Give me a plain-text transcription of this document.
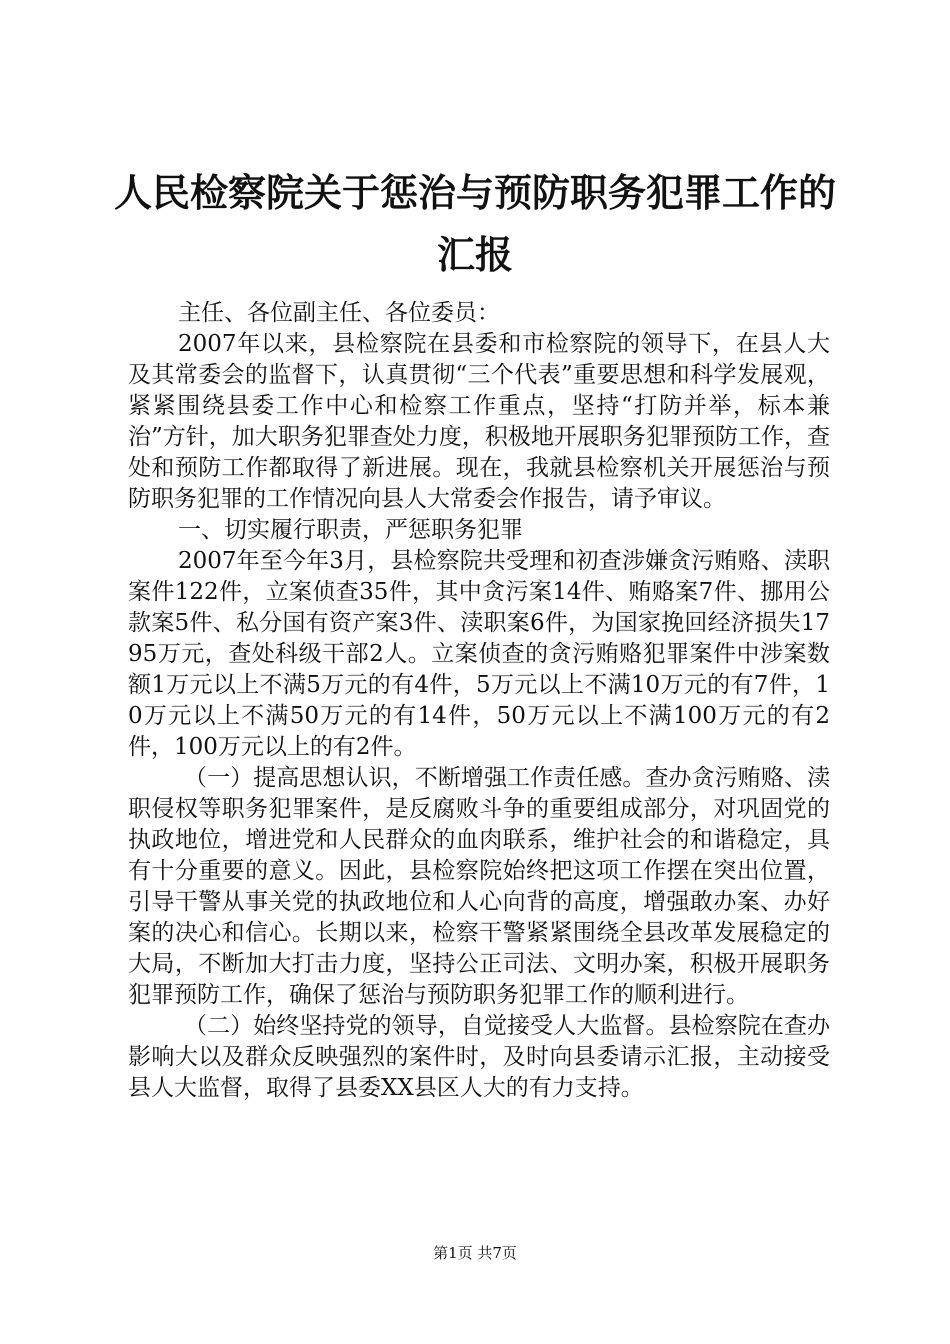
人民检察院关于惩治与预防职务犯罪工作的汇报

主任、各位副主任、各位委员：

2007年以来，县检察院在县委和市检察院的领导下，在县人大及其常委会的监督下，认真贯彻“三个代表”重要思想和科学发展观，紧紧围绕县委工作中心和检察工作重点，坚持“打防并举，标本兼治”方针，加大职务犯罪查处力度，积极地开展职务犯罪预防工作，查处和预防工作都取得了新进展。现在，我就县检察机关开展惩治与预防职务犯罪的工作情况向县人大常委会作报告，请予审议。

一、切实履行职责，严惩职务犯罪

2007年至今年3月，县检察院共受理和初查涉嫌贪污贿赂、渎职案件122件，立案侦查35件，其中贪污案14件、贿赂案7件、挪用公款案5件、私分国有资产案3件、渎职案6件，为国家挽回经济损失1795万元，查处科级干部2人。立案侦查的贪污贿赂犯罪案件中涉案数额1万元以上不满5万元的有4件，5万元以上不满10万元的有7件，10万元以上不满50万元的有14件，50万元以上不满100万元的有2件，100万元以上的有2件。

（一）提高思想认识，不断增强工作责任感。查办贪污贿赂、渎职侵权等职务犯罪案件，是反腐败斗争的重要组成部分，对巩固党的执政地位，增进党和人民群众的血肉联系，维护社会的和谐稳定，具有十分重要的意义。因此，县检察院始终把这项工作摆在突出位置，引导干警从事关党的执政地位和人心向背的高度，增强敢办案、办好案的决心和信心。长期以来，检察干警紧紧围绕全县改革发展稳定的大局，不断加大打击力度，坚持公正司法、文明办案，积极开展职务犯罪预防工作，确保了惩治与预防职务犯罪工作的顺利进行。

（二）始终坚持党的领导，自觉接受人大监督。县检察院在查办影响大以及群众反映强烈的案件时，及时向县委请示汇报，主动接受县人大监督，取得了县委XX县区人大的有力支持。

第1页 共7页
